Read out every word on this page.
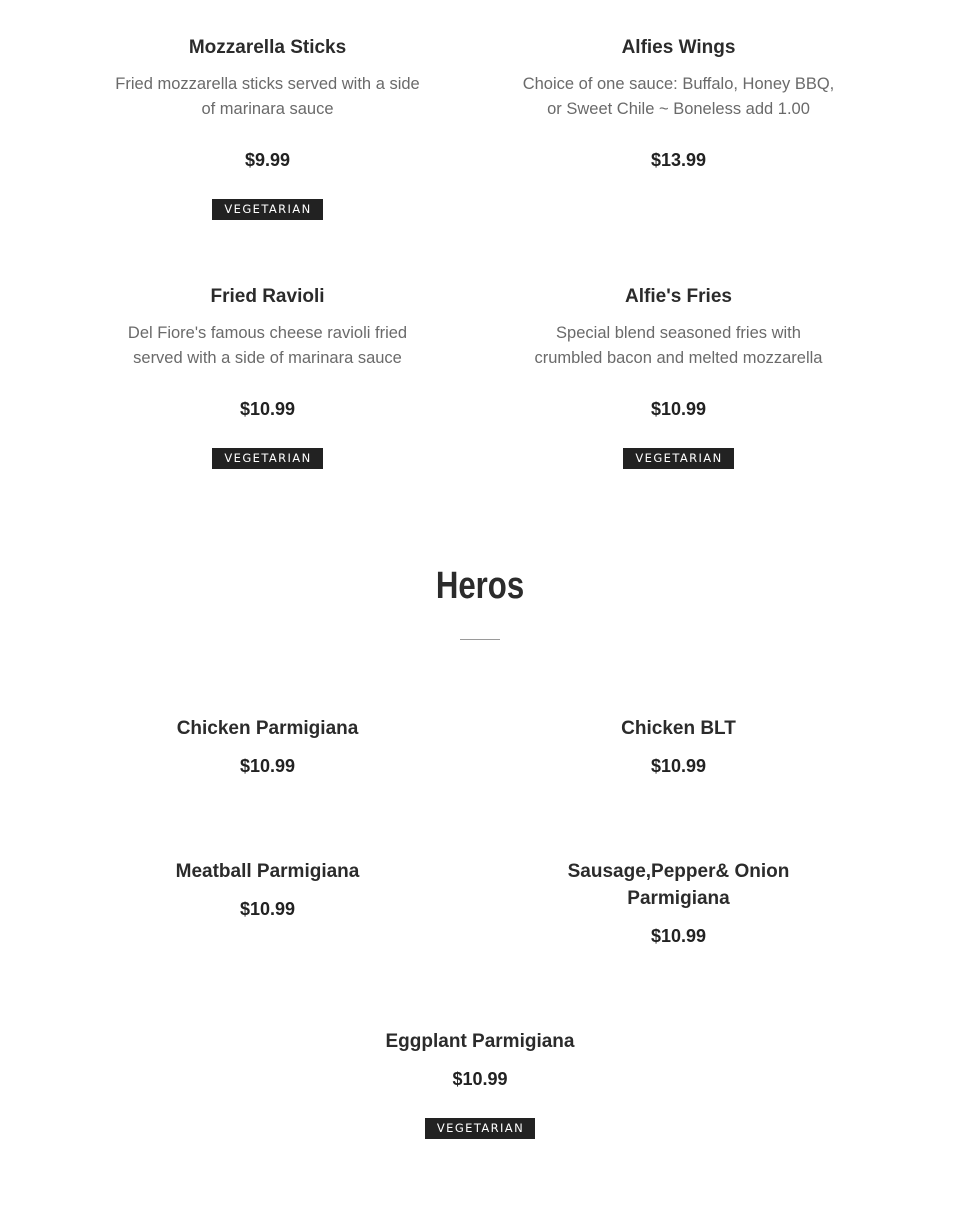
Mozzarella Sticks

Fried mozzarella sticks served with a side of marinara sauce

$9.99

VEGETARIAN

Alfies Wings

Choice of one sauce: Buffalo, Honey BBQ, or Sweet Chile ~ Boneless add 1.00

$13.99

Fried Ravioli

Del Fiore's famous cheese ravioli fried served with a side of marinara sauce

$10.99

VEGETARIAN

Alfie's Fries

Special blend seasoned fries with crumbled bacon and melted mozzarella

$10.99

VEGETARIAN
Heros

Chicken Parmigiana

$10.99

Chicken BLT

$10.99

Meatball Parmigiana

$10.99

Sausage,Pepper& Onion Parmigiana

$10.99

Eggplant Parmigiana

$10.99

VEGETARIAN
